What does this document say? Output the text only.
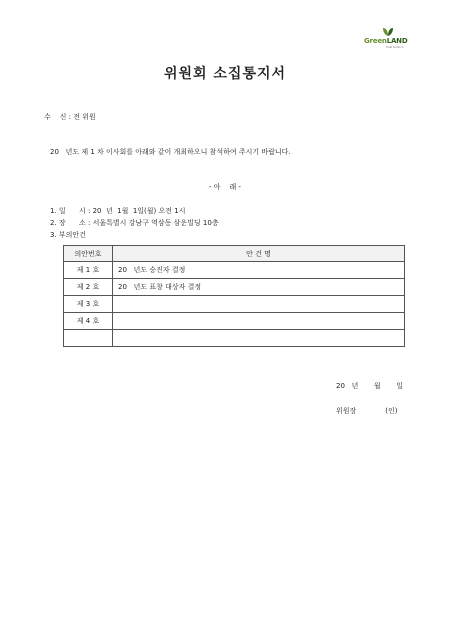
GreenLAND
Total Solution
위원회 소집통지서
수    신 : 전 위원
20   년도 제 1 차 이사회를 아래와 같이 개최하오니 참석하여 주시기 바랍니다.
- 아    래 -
1. 일      시 : 20  년  1월  1일(월) 오전 1시
2. 장      소 : 서울특별시 강남구 역삼동 삼운빌딩 10층
3. 부의안건
의안번호	안 건 명
제 1 호	20   년도 승진자 결정
제 2 호	20   년도 표창 대상자 결정
제 3 호	
제 4 호	

20   년       월       일
위원장             (인)
